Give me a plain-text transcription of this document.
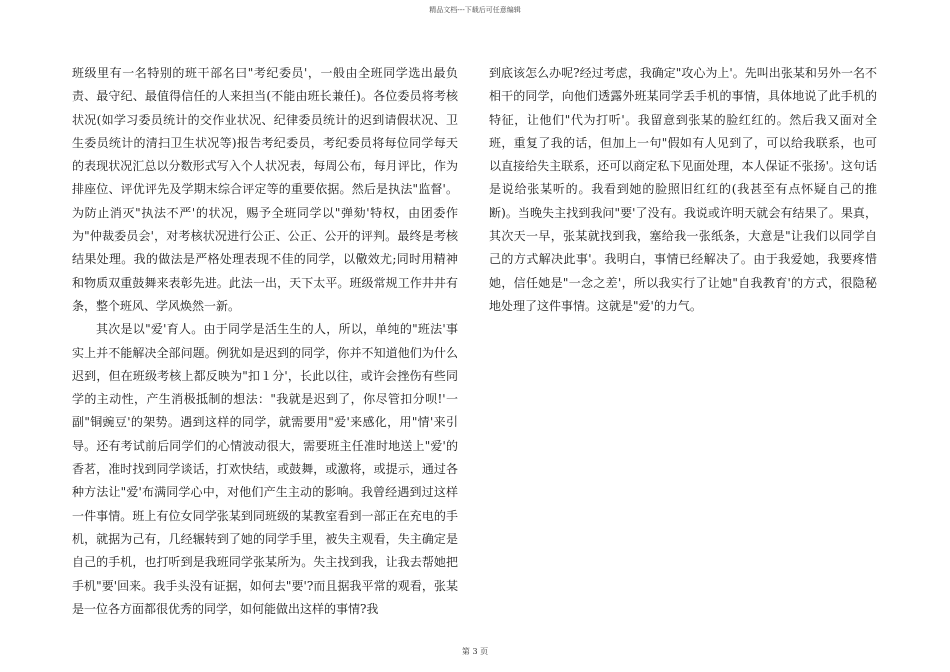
精品文档---下载后可任意编辑

班级里有一名特别的班干部名曰"考纪委员'，一般由全班同学选出最负责、最守纪、最值得信任的人来担当(不能由班长兼任)。各位委员将考核状况(如学习委员统计的交作业状况、纪律委员统计的迟到请假状况、卫生委员统计的清扫卫生状况等)报告考纪委员，考纪委员将每位同学每天的表现状况汇总以分数形式写入个人状况表，每周公布，每月评比，作为排座位、评优评先及学期末综合评定等的重要依据。然后是执法"监督'。为防止消灭"执法不严'的状况，赐予全班同学以"弹劾'特权，由团委作为"仲裁委员会'，对考核状况进行公正、公正、公开的评判。最终是考核结果处理。我的做法是严格处理表现不佳的同学，以儆效尤;同时用精神和物质双重鼓舞来表彰先进。此法一出，天下太平。班级常规工作井井有条，整个班风、学风焕然一新。

其次是以"爱'育人。由于同学是活生生的人，所以，单纯的"班法'事实上并不能解决全部问题。例犹如是迟到的同学，你并不知道他们为什么迟到，但在班级考核上都反映为"扣１分'，长此以往，或许会挫伤有些同学的主动性，产生消极抵制的想法："我就是迟到了，你尽管扣分呗!'一副"铜豌豆'的架势。遇到这样的同学，就需要用"爱'来感化，用"情'来引导。还有考试前后同学们的心情波动很大，需要班主任准时地送上"爱'的香茗，准时找到同学谈话，打欢快结，或鼓舞，或激将，或提示，通过各种方法让"爱'布满同学心中，对他们产生主动的影响。我曾经遇到过这样一件事情。班上有位女同学张某到同班级的某教室看到一部正在充电的手机，就据为己有，几经辗转到了她的同学手里，被失主观看，失主确定是自己的手机，也打听到是我班同学张某所为。失主找到我，让我去帮她把手机"要'回来。我手头没有证据，如何去"要'?而且据我平常的观看，张某是一位各方面都很优秀的同学，如何能做出这样的事情?我

到底该怎么办呢?经过考虑，我确定"攻心为上'。先叫出张某和另外一名不相干的同学，向他们透露外班某同学丢手机的事情，具体地说了此手机的特征，让他们"代为打听'。我留意到张某的脸红红的。然后我又面对全班，重复了我的话，但加上一句"假如有人见到了，可以给我联系，也可以直接给失主联系，还可以商定私下见面处理，本人保证不张扬'。这句话是说给张某听的。我看到她的脸照旧红红的(我甚至有点怀疑自己的推断)。当晚失主找到我问"要'了没有。我说或许明天就会有结果了。果真，其次天一早，张某就找到我，塞给我一张纸条，大意是"让我们以同学自己的方式解决此事'。我明白，事情已经解决了。由于我爱她，我要疼惜她，信任她是"一念之差'，所以我实行了让她"自我教育'的方式，很隐秘地处理了这件事情。这就是"爱'的力气。

第 3 页
